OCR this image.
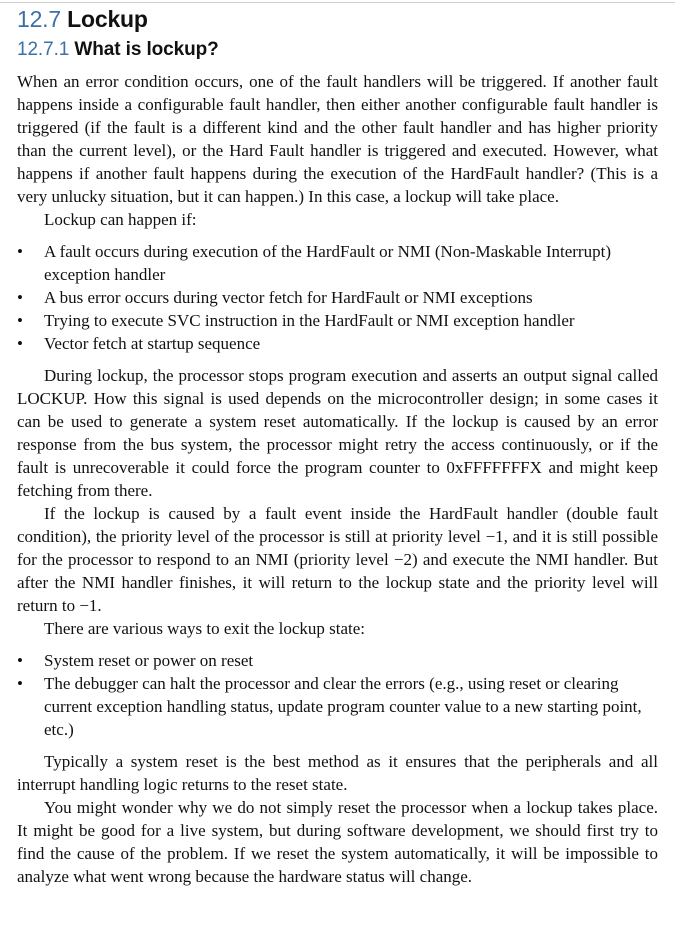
12.7 Lockup
12.7.1 What is lockup?

When an error condition occurs, one of the fault handlers will be triggered. If another fault happens inside a configurable fault handler, then either another configurable fault handler is triggered (if the fault is a different kind and the other fault handler and has higher priority than the current level), or the Hard Fault handler is triggered and executed. However, what happens if another fault happens during the execution of the HardFault handler? (This is a very unlucky situation, but it can happen.) In this case, a lockup will take place.

Lockup can happen if:

• A fault occurs during execution of the HardFault or NMI (Non-Maskable Interrupt) exception handler
• A bus error occurs during vector fetch for HardFault or NMI exceptions
• Trying to execute SVC instruction in the HardFault or NMI exception handler
• Vector fetch at startup sequence

During lockup, the processor stops program execution and asserts an output signal called LOCKUP. How this signal is used depends on the microcontroller design; in some cases it can be used to generate a system reset automatically. If the lockup is caused by an error response from the bus system, the processor might retry the access continuously, or if the fault is unrecoverable it could force the program counter to 0xFFFFFFFX and might keep fetching from there.

If the lockup is caused by a fault event inside the HardFault handler (double fault condition), the priority level of the processor is still at priority level −1, and it is still possible for the processor to respond to an NMI (priority level −2) and execute the NMI handler. But after the NMI handler finishes, it will return to the lockup state and the priority level will return to −1.

There are various ways to exit the lockup state:

• System reset or power on reset
• The debugger can halt the processor and clear the errors (e.g., using reset or clearing current exception handling status, update program counter value to a new starting point, etc.)

Typically a system reset is the best method as it ensures that the peripherals and all interrupt handling logic returns to the reset state.

You might wonder why we do not simply reset the processor when a lockup takes place. It might be good for a live system, but during software development, we should first try to find the cause of the problem. If we reset the system automatically, it will be impossible to analyze what went wrong because the hardware status will change.
